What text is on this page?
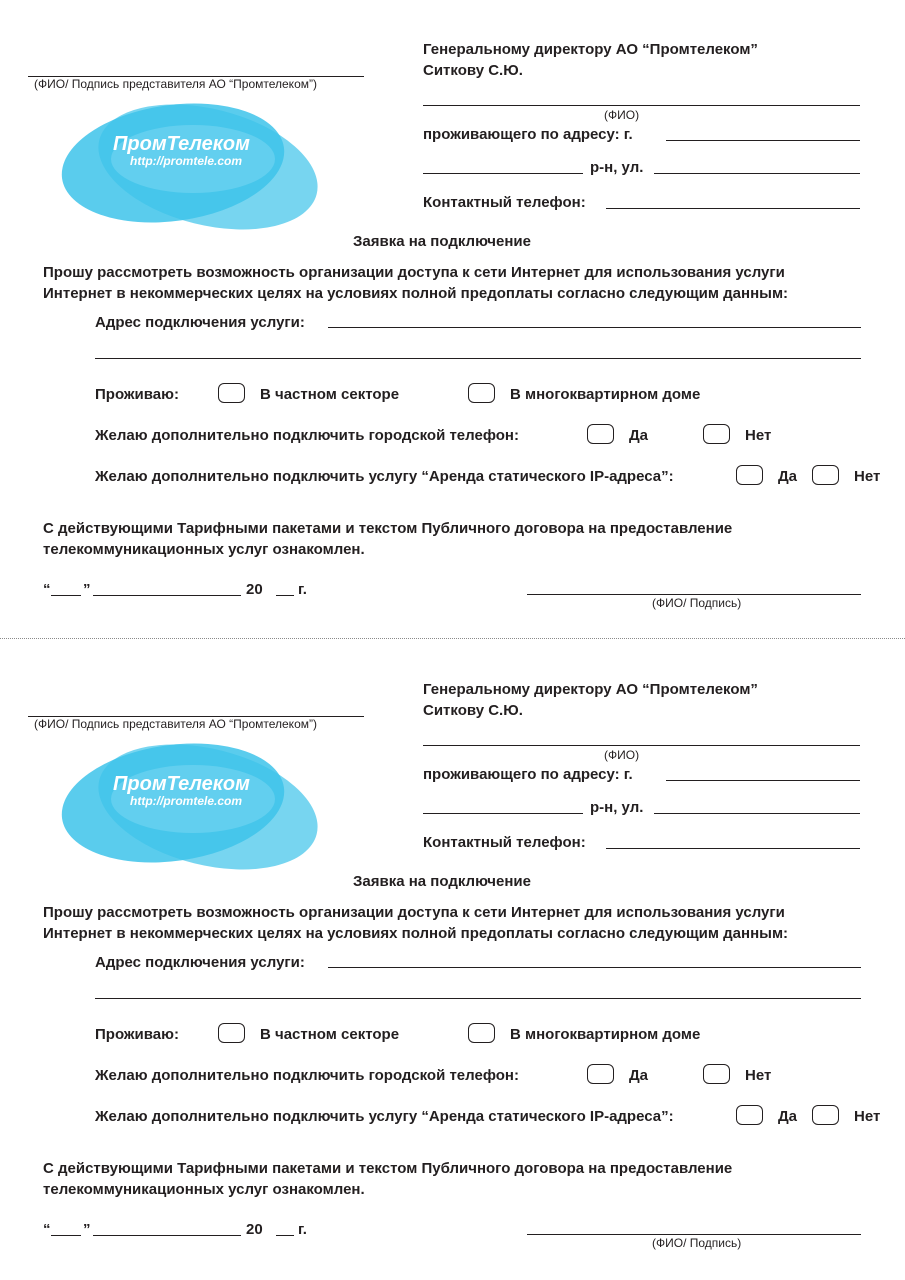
(ФИО/ Подпись представителя АО “Промтелеком”)
ПромТелеком
http://promtele.com
Генеральному директору АО “Промтелеком”
Ситкову С.Ю.
(ФИО)
проживающего по адресу: г.
р-н, ул.
Контактный телефон:
Заявка на подключение
Прошу рассмотреть возможность организации доступа к сети Интернет для использования услуги
Интернет в некоммерческих целях на условиях полной предоплаты согласно следующим данным:
Адрес подключения услуги:
Проживаю:	В частном секторе	В многоквартирном доме
Желаю дополнительно подключить городской телефон:	Да	Нет
Желаю дополнительно подключить услугу “Аренда статического IP-адреса”:	Да	Нет
С действующими Тарифными пакетами и текстом Публичного договора на предоставление
телекоммуникационных услуг ознакомлен.
“ ”	20 г.
(ФИО/ Подпись)
(ФИО/ Подпись представителя АО “Промтелеком”)
ПромТелеком
http://promtele.com
Генеральному директору АО “Промтелеком”
Ситкову С.Ю.
(ФИО)
проживающего по адресу: г.
р-н, ул.
Контактный телефон:
Заявка на подключение
Прошу рассмотреть возможность организации доступа к сети Интернет для использования услуги
Интернет в некоммерческих целях на условиях полной предоплаты согласно следующим данным:
Адрес подключения услуги:
Проживаю:	В частном секторе	В многоквартирном доме
Желаю дополнительно подключить городской телефон:	Да	Нет
Желаю дополнительно подключить услугу “Аренда статического IP-адреса”:	Да	Нет
С действующими Тарифными пакетами и текстом Публичного договора на предоставление
телекоммуникационных услуг ознакомлен.
“ ”	20 г.
(ФИО/ Подпись)
